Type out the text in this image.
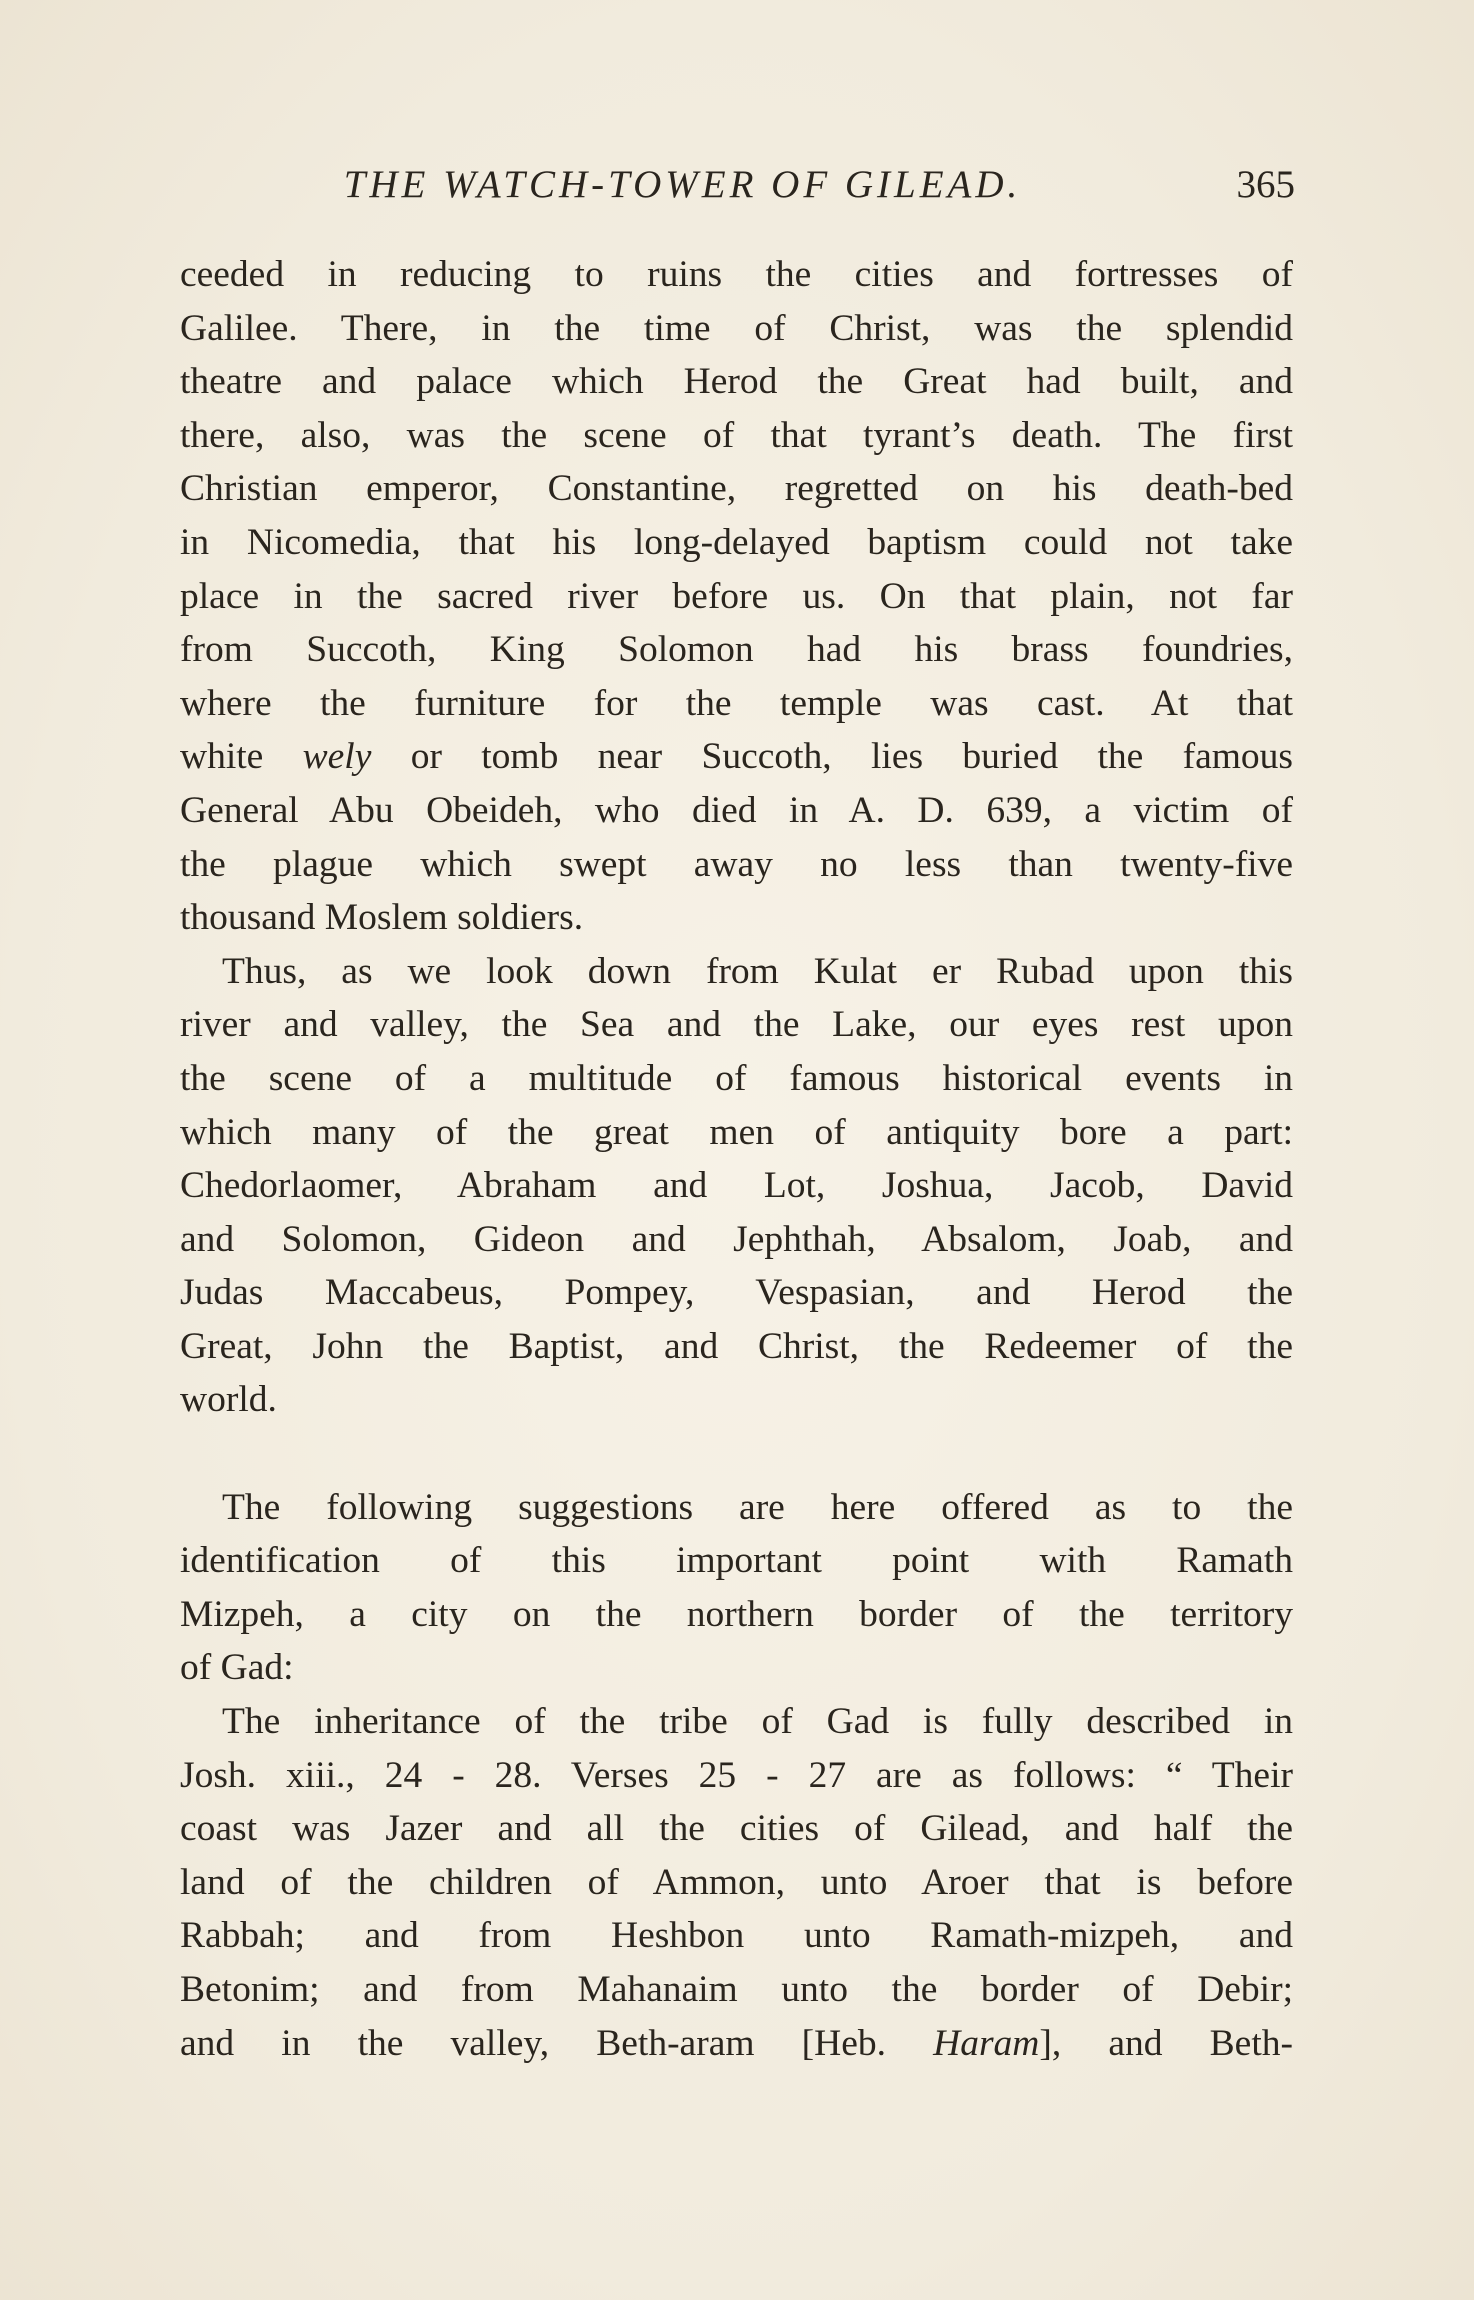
THE WATCH-TOWER OF GILEAD.	365
ceeded in reducing to ruins the cities and fortresses of
Galilee. There, in the time of Christ, was the splendid
theatre and palace which Herod the Great had built, and
there, also, was the scene of that tyrant’s death. The first
Christian emperor, Constantine, regretted on his death-bed
in Nicomedia, that his long-delayed baptism could not take
place in the sacred river before us. On that plain, not far
from Succoth, King Solomon had his brass foundries,
where the furniture for the temple was cast. At that
white wely or tomb near Succoth, lies buried the famous
General Abu Obeideh, who died in A. D. 639, a victim of
the plague which swept away no less than twenty-five
thousand Moslem soldiers.
Thus, as we look down from Kulat er Rubad upon this
river and valley, the Sea and the Lake, our eyes rest upon
the scene of a multitude of famous historical events in
which many of the great men of antiquity bore a part:
Chedorlaomer, Abraham and Lot, Joshua, Jacob, David
and Solomon, Gideon and Jephthah, Absalom, Joab, and
Judas Maccabeus, Pompey, Vespasian, and Herod the
Great, John the Baptist, and Christ, the Redeemer of the
world.
The following suggestions are here offered as to the
identification of this important point with Ramath
Mizpeh, a city on the northern border of the territory
of Gad:
The inheritance of the tribe of Gad is fully described in
Josh. xiii., 24 - 28. Verses 25 - 27 are as follows: “ Their
coast was Jazer and all the cities of Gilead, and half the
land of the children of Ammon, unto Aroer that is before
Rabbah; and from Heshbon unto Ramath-mizpeh, and
Betonim; and from Mahanaim unto the border of Debir;
and in the valley, Beth-aram [Heb. Haram], and Beth-
